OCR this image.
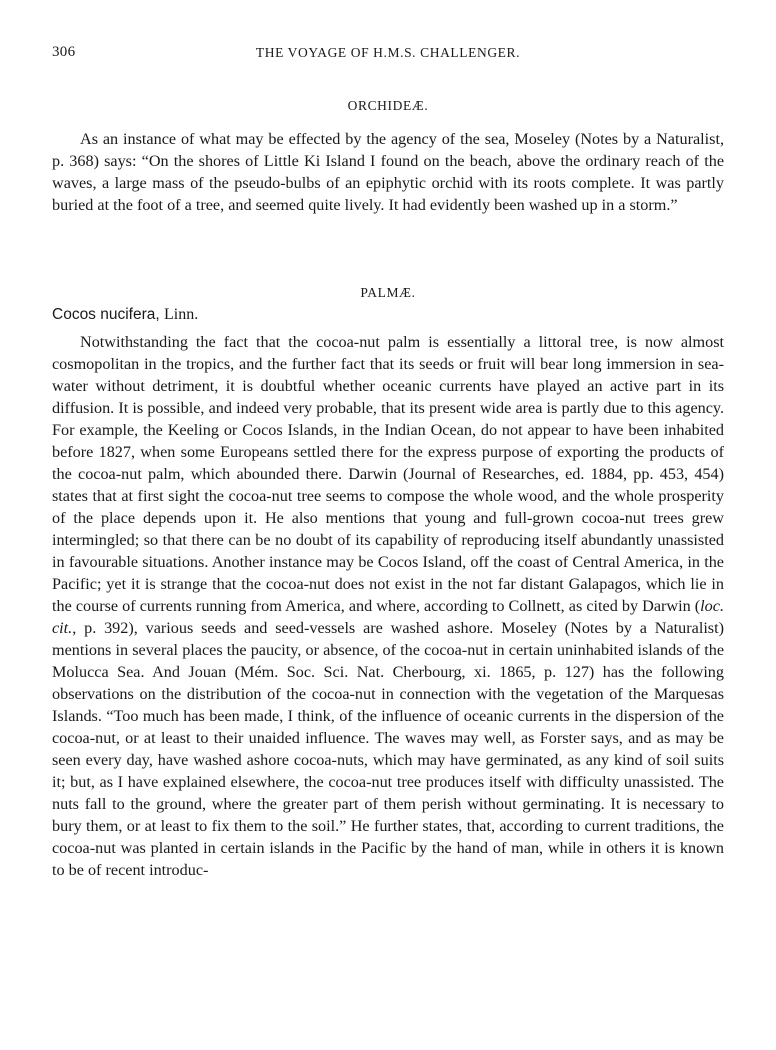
306	THE VOYAGE OF H.M.S. CHALLENGER.
ORCHIDEÆ.

As an instance of what may be effected by the agency of the sea, Moseley (Notes by a Naturalist, p. 368) says: “On the shores of Little Ki Island I found on the beach, above the ordinary reach of the waves, a large mass of the pseudo-bulbs of an epiphytic orchid with its roots complete. It was partly buried at the foot of a tree, and seemed quite lively. It had evidently been washed up in a storm.”

PALMÆ.
Cocos nucifera, Linn.

Notwithstanding the fact that the cocoa-nut palm is essentially a littoral tree, is now almost cosmopolitan in the tropics, and the further fact that its seeds or fruit will bear long immersion in sea-water without detriment, it is doubtful whether oceanic currents have played an active part in its diffusion. It is possible, and indeed very probable, that its present wide area is partly due to this agency. For example, the Keeling or Cocos Islands, in the Indian Ocean, do not appear to have been inhabited before 1827, when some Europeans settled there for the express purpose of exporting the products of the cocoa-nut palm, which abounded there. Darwin (Journal of Researches, ed. 1884, pp. 453, 454) states that at first sight the cocoa-nut tree seems to compose the whole wood, and the whole prosperity of the place depends upon it. He also mentions that young and full-grown cocoa-nut trees grew intermingled; so that there can be no doubt of its capability of reproducing itself abundantly unassisted in favourable situations. Another instance may be Cocos Island, off the coast of Central America, in the Pacific; yet it is strange that the cocoa-nut does not exist in the not far distant Galapagos, which lie in the course of currents running from America, and where, according to Collnett, as cited by Darwin (loc. cit., p. 392), various seeds and seed-vessels are washed ashore. Moseley (Notes by a Naturalist) mentions in several places the paucity, or absence, of the cocoa-nut in certain uninhabited islands of the Molucca Sea. And Jouan (Mém. Soc. Sci. Nat. Cherbourg, xi. 1865, p. 127) has the following observations on the distribution of the cocoa-nut in connection with the vegetation of the Marquesas Islands. “Too much has been made, I think, of the influence of oceanic currents in the dispersion of the cocoa-nut, or at least to their unaided influence. The waves may well, as Forster says, and as may be seen every day, have washed ashore cocoa-nuts, which may have germinated, as any kind of soil suits it; but, as I have explained elsewhere, the cocoa-nut tree produces itself with difficulty unassisted. The nuts fall to the ground, where the greater part of them perish without germinating. It is necessary to bury them, or at least to fix them to the soil.” He further states, that, according to current traditions, the cocoa-nut was planted in certain islands in the Pacific by the hand of man, while in others it is known to be of recent introduc-
